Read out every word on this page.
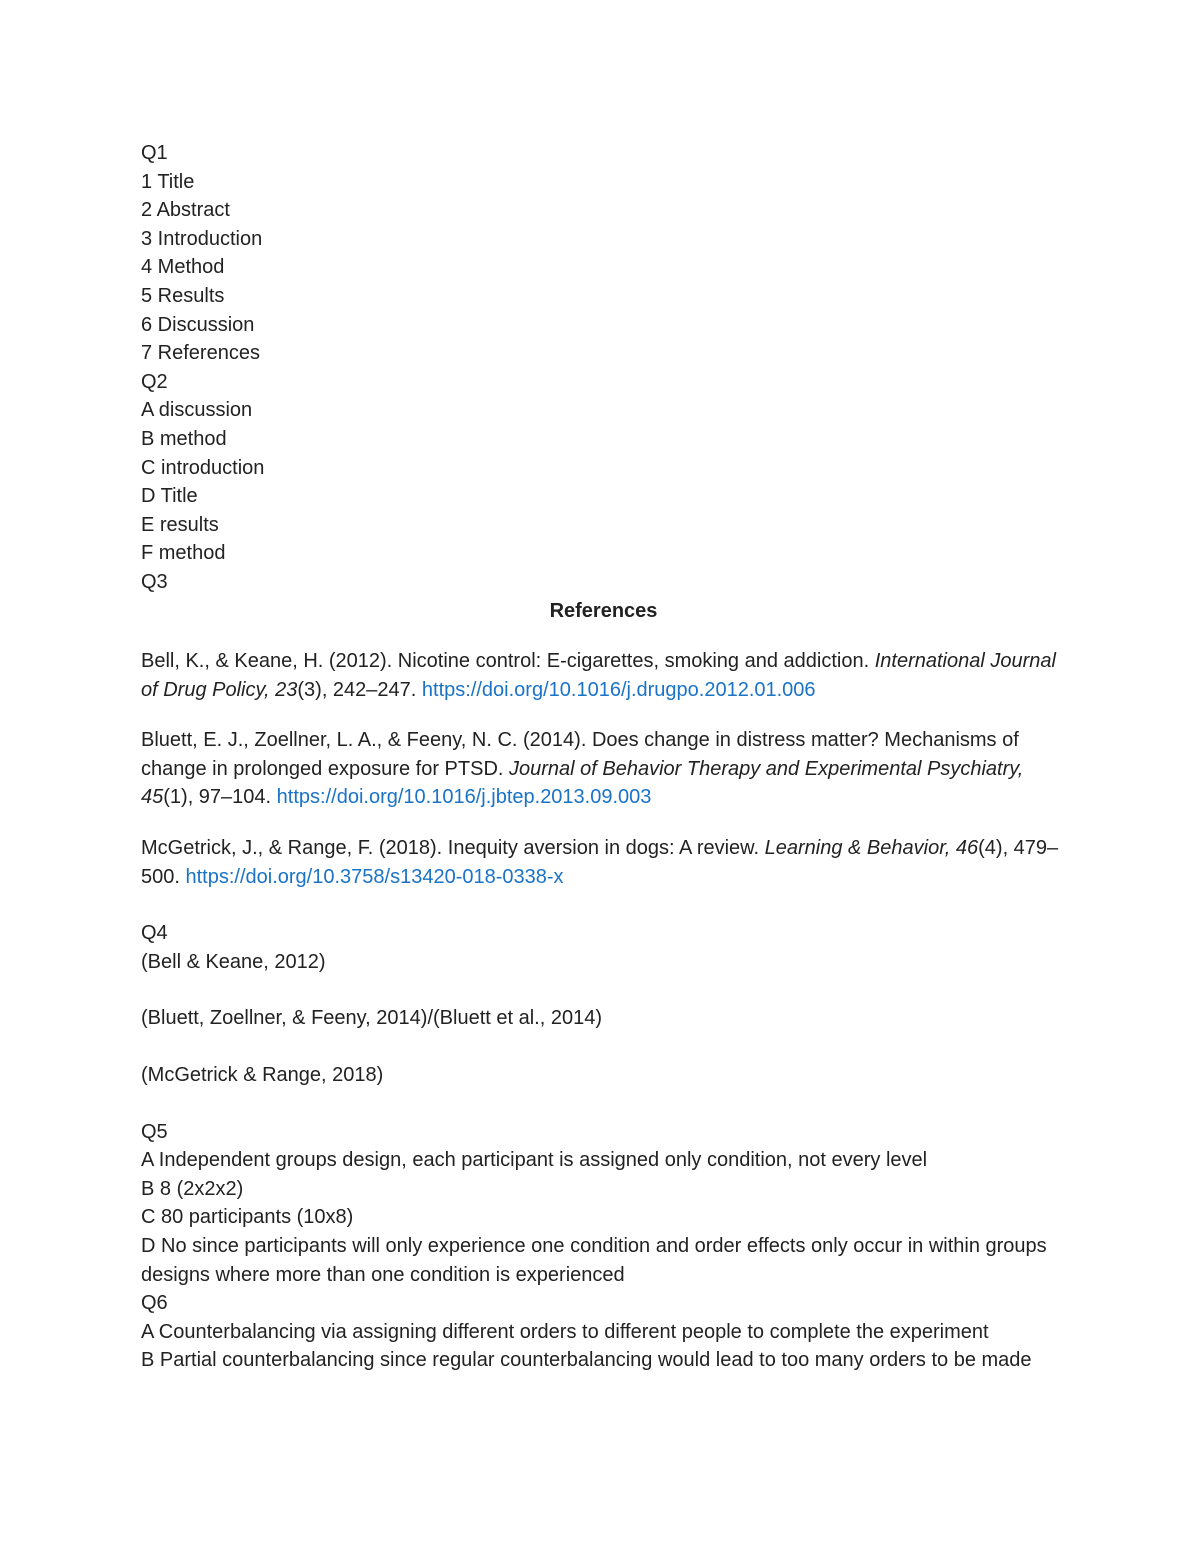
Q1
1 Title
2 Abstract
3 Introduction
4 Method
5 Results
6 Discussion
7 References
Q2
A discussion
B method
C introduction
D Title
E results
F method
Q3
References
Bell, K., & Keane, H. (2012). Nicotine control: E-cigarettes, smoking and addiction. International Journal of Drug Policy, 23(3), 242–247. https://doi.org/10.1016/j.drugpo.2012.01.006
Bluett, E. J., Zoellner, L. A., & Feeny, N. C. (2014). Does change in distress matter? Mechanisms of change in prolonged exposure for PTSD. Journal of Behavior Therapy and Experimental Psychiatry, 45(1), 97–104. https://doi.org/10.1016/j.jbtep.2013.09.003
McGetrick, J., & Range, F. (2018). Inequity aversion in dogs: A review. Learning & Behavior, 46(4), 479–500. https://doi.org/10.3758/s13420-018-0338-x
Q4
(Bell & Keane, 2012)
(Bluett, Zoellner, & Feeny, 2014)/(Bluett et al., 2014)
(McGetrick & Range, 2018)
Q5
A Independent groups design, each participant is assigned only condition, not every level
B 8 (2x2x2)
C 80 participants (10x8)
D No since participants will only experience one condition and order effects only occur in within groups designs where more than one condition is experienced
Q6
A Counterbalancing via assigning different orders to different people to complete the experiment
B Partial counterbalancing since regular counterbalancing would lead to too many orders to be made
